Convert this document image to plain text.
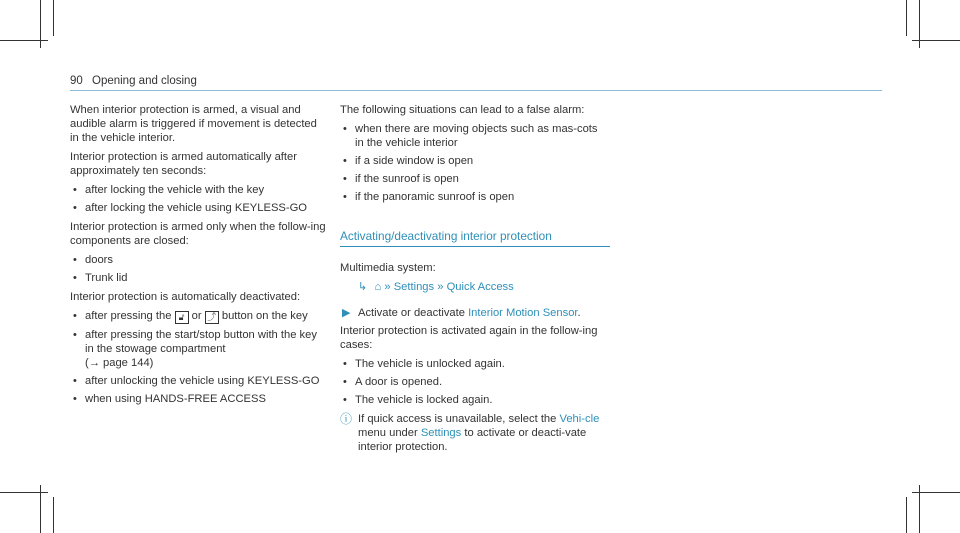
90 Opening and closing

When interior protection is armed, a visual and audible alarm is triggered if movement is detected in the vehicle interior.

Interior protection is armed automatically after approximately ten seconds:

• after locking the vehicle with the key
• after locking the vehicle using KEYLESS-GO

Interior protection is armed only when the follow-ing components are closed:

• doors
• Trunk lid

Interior protection is automatically deactivated:

• after pressing the 🔓︎ or ⤴ button on the key
• after pressing the start/stop button with the key in the stowage compartment
(→ page 144)
• after unlocking the vehicle using KEYLESS-GO
• when using HANDS-FREE ACCESS

The following situations can lead to a false alarm:

• when there are moving objects such as mas-cots in the vehicle interior
• if a side window is open
• if the sunroof is open
• if the panoramic sunroof is open
Activating/deactivating interior protection

Multimedia system:

↳ ⌂ » Settings » Quick Access
▶ Activate or deactivate Interior Motion Sensor.

Interior protection is activated again in the follow-ing cases:

• The vehicle is unlocked again.
• A door is opened.
• The vehicle is locked again.
ⓘ If quick access is unavailable, select the Vehi-cle menu under Settings to activate or deacti-vate interior protection.
